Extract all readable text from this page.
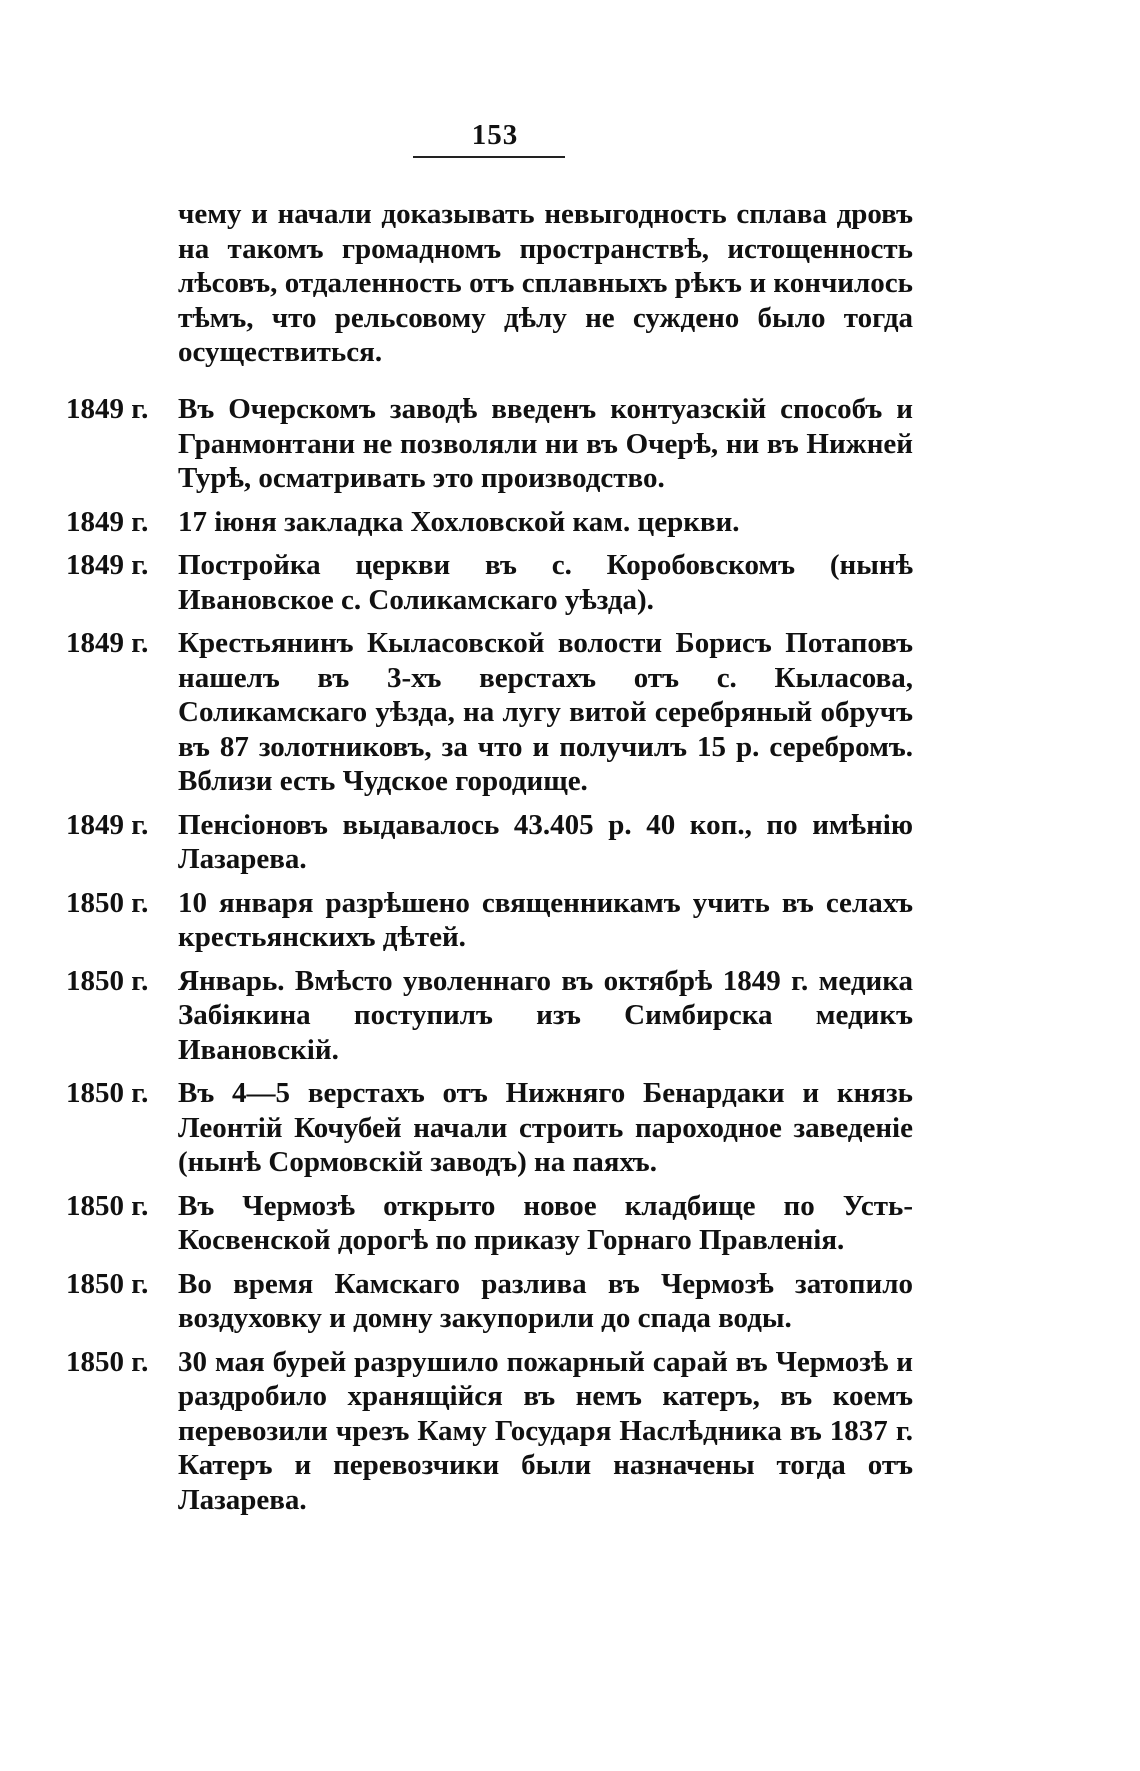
153

чему и начали доказывать невыгодность сплава дровъ на такомъ громадномъ пространствѣ, истощенность лѣсовъ, отдаленность отъ сплавныхъ рѣкъ и кончилось тѣмъ, что рельсовому дѣлу не суждено было тогда осуществиться.

1849 г.	Въ Очерскомъ заводѣ введенъ контуазскій способъ и Гранмонтани не позволяли ни въ Очерѣ, ни въ Нижней Турѣ, осматривать это производство.
1849 г.	17 іюня закладка Хохловской кам. церкви.
1849 г.	Постройка церкви въ с. Коробовскомъ (нынѣ Ивановское с. Соликамскаго уѣзда).
1849 г.	Крестьянинъ Кыласовской волости Борисъ Потаповъ нашелъ въ 3-хъ верстахъ отъ с. Кыласова, Соликамскаго уѣзда, на лугу витой серебряный обручъ въ 87 золотниковъ, за что и получилъ 15 р. серебромъ. Вблизи есть Чудское городище.
1849 г.	Пенсіоновъ выдавалось 43.405 р. 40 коп., по имѣнію Лазарева.
1850 г.	10 января разрѣшено священникамъ учить въ селахъ крестьянскихъ дѣтей.
1850 г.	Январь. Вмѣсто уволеннаго въ октябрѣ 1849 г. медика Забіякина поступилъ изъ Симбирска медикъ Ивановскій.
1850 г.	Въ 4—5 верстахъ отъ Нижняго Бенардаки и князь Леонтій Кочубей начали строить пароходное заведеніе (нынѣ Сормовскій заводъ) на паяхъ.
1850 г.	Въ Чермозѣ открыто новое кладбище по Усть-Косвенской дорогѣ по приказу Горнаго Правленія.
1850 г.	Во время Камскаго разлива въ Чермозѣ затопило воздуховку и домну закупорили до спада воды.
1850 г.	30 мая бурей разрушило пожарный сарай въ Чермозѣ и раздробило хранящійся въ немъ катеръ, въ коемъ перевозили чрезъ Каму Государя Наслѣдника въ 1837 г. Катеръ и перевозчики были назначены тогда отъ Лазарева.
